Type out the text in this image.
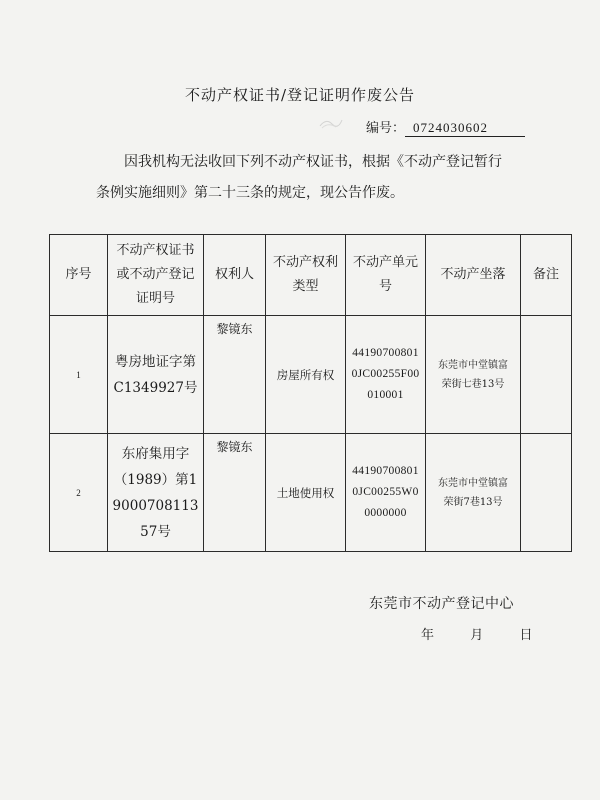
不动产权证书/登记证明作废公告
编号： 0724030602
因我机构无法收回下列不动产权证书，根据《不动产登记暂行
条例实施细则》第二十三条的规定，现公告作废。
序号	不动产权证书或不动产登记证明号	权利人	不动产权利类型	不动产单元号	不动产坐落	备注
1	粤房地证字第C1349927号	黎镜东	房屋所有权	441907008010JC00255F00010001	东莞市中堂镇富荣街七巷13号	

2	东府集用字（1989）第1900070811357号	黎镜东	土地使用权	441907008010JC00255W00000000	东莞市中堂镇富荣街7巷13号	

东莞市不动产登记中心
年  月  日
